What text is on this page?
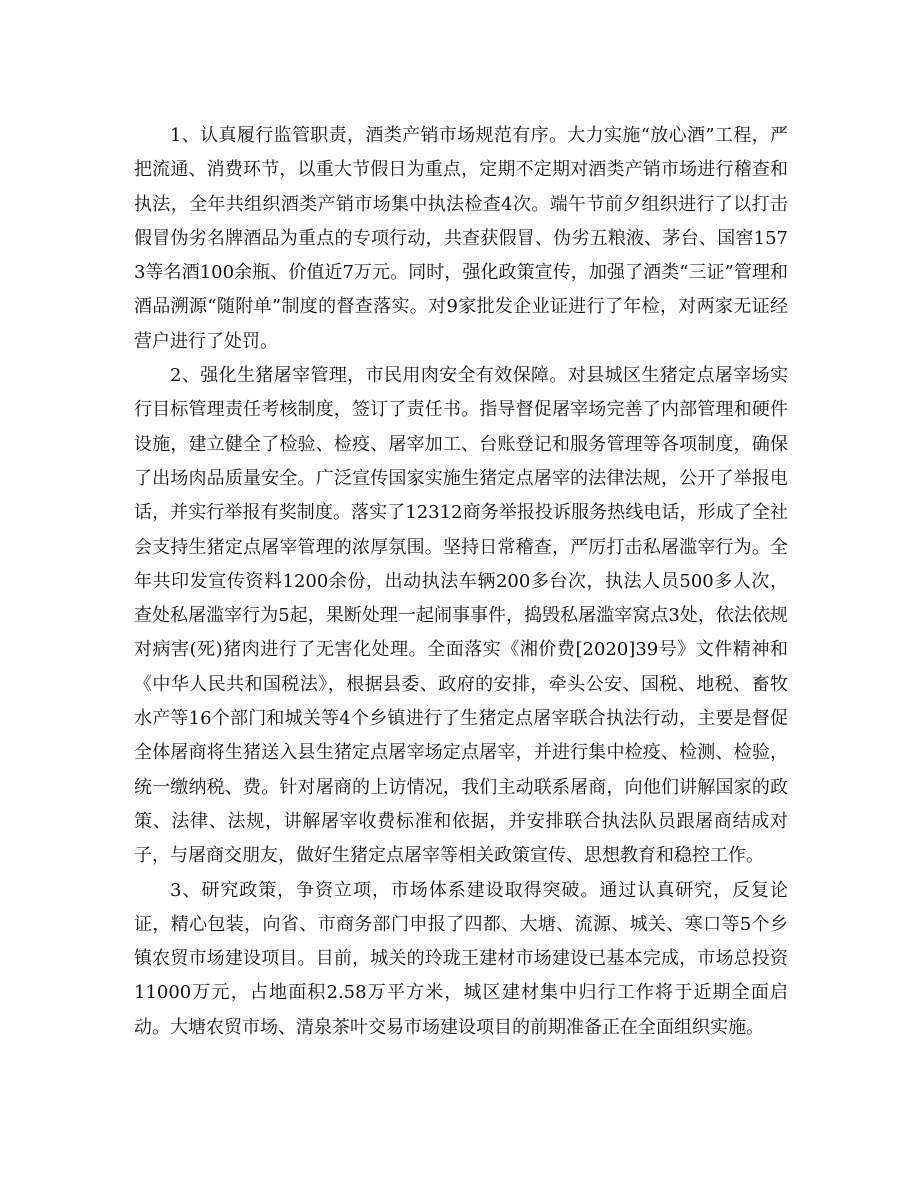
1、认真履行监管职责，酒类产销市场规范有序。大力实施“放心酒”工程，严把流通、消费环节，以重大节假日为重点，定期不定期对酒类产销市场进行稽查和执法，全年共组织酒类产销市场集中执法检查4次。端午节前夕组织进行了以打击假冒伪劣名牌酒品为重点的专项行动，共查获假冒、伪劣五粮液、茅台、国窖1573等名酒100余瓶、价值近7万元。同时，强化政策宣传，加强了酒类“三证”管理和酒品溯源“随附单”制度的督查落实。对9家批发企业证进行了年检，对两家无证经营户进行了处罚。

2、强化生猪屠宰管理，市民用肉安全有效保障。对县城区生猪定点屠宰场实行目标管理责任考核制度，签订了责任书。指导督促屠宰场完善了内部管理和硬件设施，建立健全了检验、检疫、屠宰加工、台账登记和服务管理等各项制度，确保了出场肉品质量安全。广泛宣传国家实施生猪定点屠宰的法律法规，公开了举报电话，并实行举报有奖制度。落实了12312商务举报投诉服务热线电话，形成了全社会支持生猪定点屠宰管理的浓厚氛围。坚持日常稽查，严厉打击私屠滥宰行为。全年共印发宣传资料1200余份，出动执法车辆200多台次，执法人员500多人次，查处私屠滥宰行为5起，果断处理一起闹事事件，捣毁私屠滥宰窝点3处，依法依规对病害(死)猪肉进行了无害化处理。全面落实《湘价费[2020]39号》文件精神和《中华人民共和国税法》，根据县委、政府的安排，牵头公安、国税、地税、畜牧水产等16个部门和城关等4个乡镇进行了生猪定点屠宰联合执法行动，主要是督促全体屠商将生猪送入县生猪定点屠宰场定点屠宰，并进行集中检疫、检测、检验，统一缴纳税、费。针对屠商的上访情况，我们主动联系屠商，向他们讲解国家的政策、法律、法规，讲解屠宰收费标准和依据，并安排联合执法队员跟屠商结成对子，与屠商交朋友，做好生猪定点屠宰等相关政策宣传、思想教育和稳控工作。

3、研究政策，争资立项，市场体系建设取得突破。通过认真研究，反复论证，精心包装，向省、市商务部门申报了四都、大塘、流源、城关、寒口等5个乡镇农贸市场建设项目。目前，城关的玲珑王建材市场建设已基本完成，市场总投资11000万元，占地面积2.58万平方米，城区建材集中归行工作将于近期全面启动。大塘农贸市场、清泉茶叶交易市场建设项目的前期准备正在全面组织实施。
